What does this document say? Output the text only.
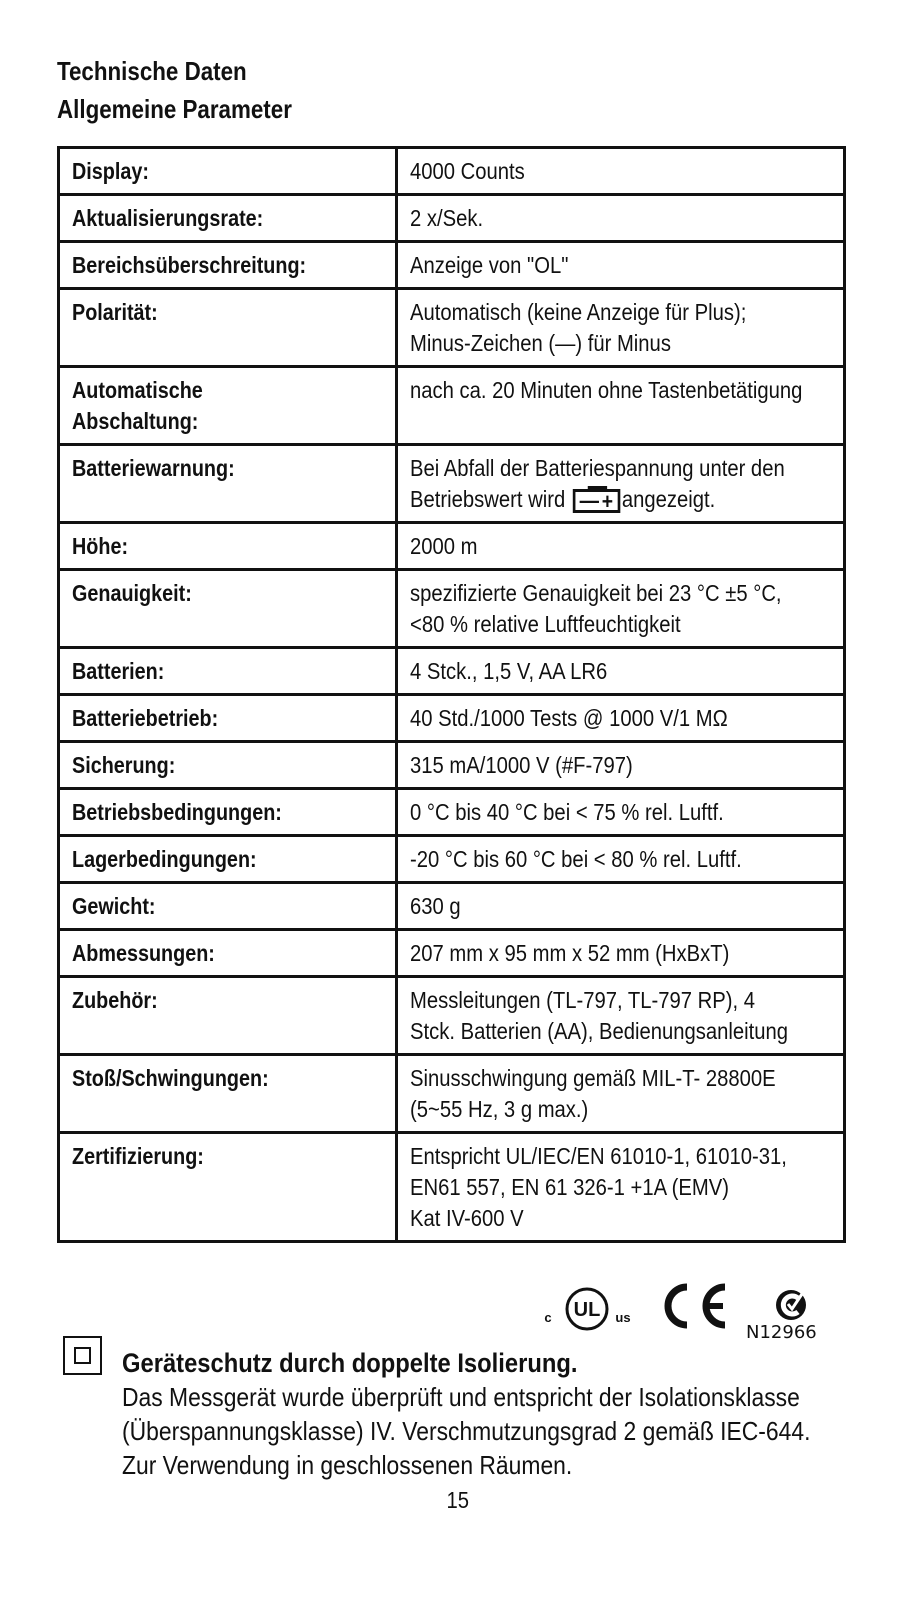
Technische Daten
Allgemeine Parameter
Display:	4000 Counts

Aktualisierungsrate:	2 x/Sek.

Bereichsüberschreitung:	Anzeige von "OL"

Polarität:	Automatisch (keine Anzeige für Plus);
Minus-Zeichen (—) für Minus

Automatische
Abschaltung:	nach ca. 20 Minuten ohne Tastenbetätigung

Batteriewarnung:	Bei Abfall der Batteriespannung unter den
Betriebswert wird —
+ angezeigt.

Höhe:	2000 m

Genauigkeit:	spezifizierte Genauigkeit bei 23 °C ±5 °C,
<80 % relative Luftfeuchtigkeit

Batterien:	4 Stck., 1,5 V, AA LR6

Batteriebetrieb:	40 Std./1000 Tests @ 1000 V/1 MΩ

Sicherung:	315 mA/1000 V (#F-797)

Betriebsbedingungen:	0 °C bis 40 °C bei < 75 % rel. Luftf.

Lagerbedingungen:	-20 °C bis 60 °C bei < 80 % rel. Luftf.

Gewicht:	630 g

Abmessungen:	207 mm x 95 mm x 52 mm (HxBxT)

Zubehör:	Messleitungen (TL-797, TL-797 RP), 4
Stck. Batterien (AA), Bedienungsanleitung

Stoß/Schwingungen:	Sinusschwingung gemäß MIL-T- 28800E
(5~55 Hz, 3 g max.)

Zertifizierung:	Entspricht UL/IEC/EN 61010-1, 61010-31,
EN61 557, EN 61 326-1 +1A (EMV)
Kat IV-600 V
UL
c	us
N12966
Geräteschutz durch doppelte Isolierung.
Das Messgerät wurde überprüft und entspricht der Isolationsklasse
(Überspannungsklasse) IV. Verschmutzungsgrad 2 gemäß IEC-644.
Zur Verwendung in geschlossenen Räumen.
15
